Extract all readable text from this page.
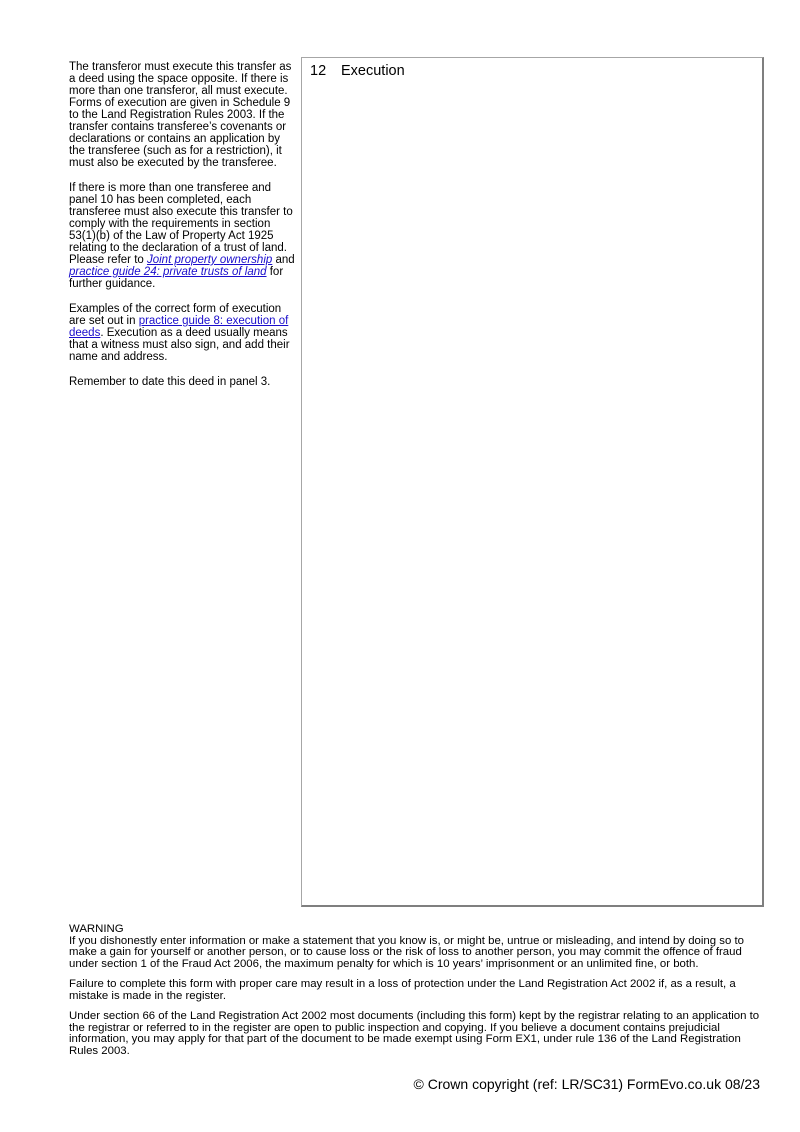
The transferor must execute this transfer as a deed using the space opposite. If there is more than one transferor, all must execute. Forms of execution are given in Schedule 9 to the Land Registration Rules 2003. If the transfer contains transferee’s covenants or declarations or contains an application by the transferee (such as for a restriction), it must also be executed by the transferee.

If there is more than one transferee and panel 10 has been completed, each transferee must also execute this transfer to comply with the requirements in section 53(1)(b) of the Law of Property Act 1925 relating to the declaration of a trust of land. Please refer to Joint property ownership and practice guide 24: private trusts of land for further guidance.

Examples of the correct form of execution are set out in practice guide 8: execution of deeds. Execution as a deed usually means that a witness must also sign, and add their name and address.

Remember to date this deed in panel 3.

12 Execution

WARNING

If you dishonestly enter information or make a statement that you know is, or might be, untrue or misleading, and intend by doing so to make a gain for yourself or another person, or to cause loss or the risk of loss to another person, you may commit the offence of fraud under section 1 of the Fraud Act 2006, the maximum penalty for which is 10 years’ imprisonment or an unlimited fine, or both.

Failure to complete this form with proper care may result in a loss of protection under the Land Registration Act 2002 if, as a result, a mistake is made in the register.

Under section 66 of the Land Registration Act 2002 most documents (including this form) kept by the registrar relating to an application to the registrar or referred to in the register are open to public inspection and copying. If you believe a document contains prejudicial information, you may apply for that part of the document to be made exempt using Form EX1, under rule 136 of the Land Registration Rules 2003.

© Crown copyright (ref: LR/SC31) FormEvo.co.uk 08/23
